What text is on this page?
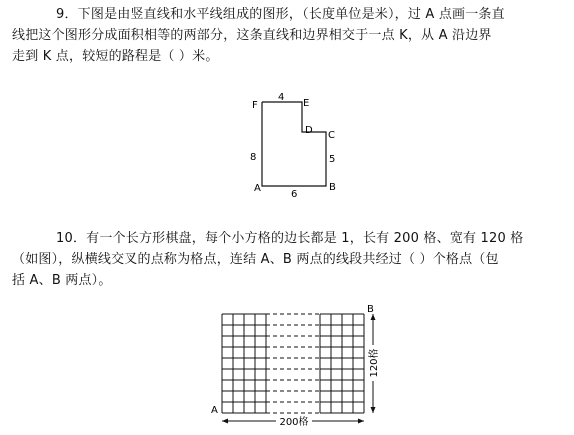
9．下图是由竖直线和水平线组成的图形，（长度单位是米），过 A 点画一条直
线把这个图形分成面积相等的两部分，这条直线和边界相交于一点 K，从 A 沿边界
走到 K 点，较短的路程是（ ）米。
10．有一个长方形棋盘，每个小方格的边长都是 1，长有 200 格、宽有 120 格
（如图），纵横线交叉的点称为格点，连结 A、B 两点的线段共经过（ ）个格点（包
括 A、B 两点）。
F
4
E
D C
8	5
A
6
B
A
B
200格
120格
